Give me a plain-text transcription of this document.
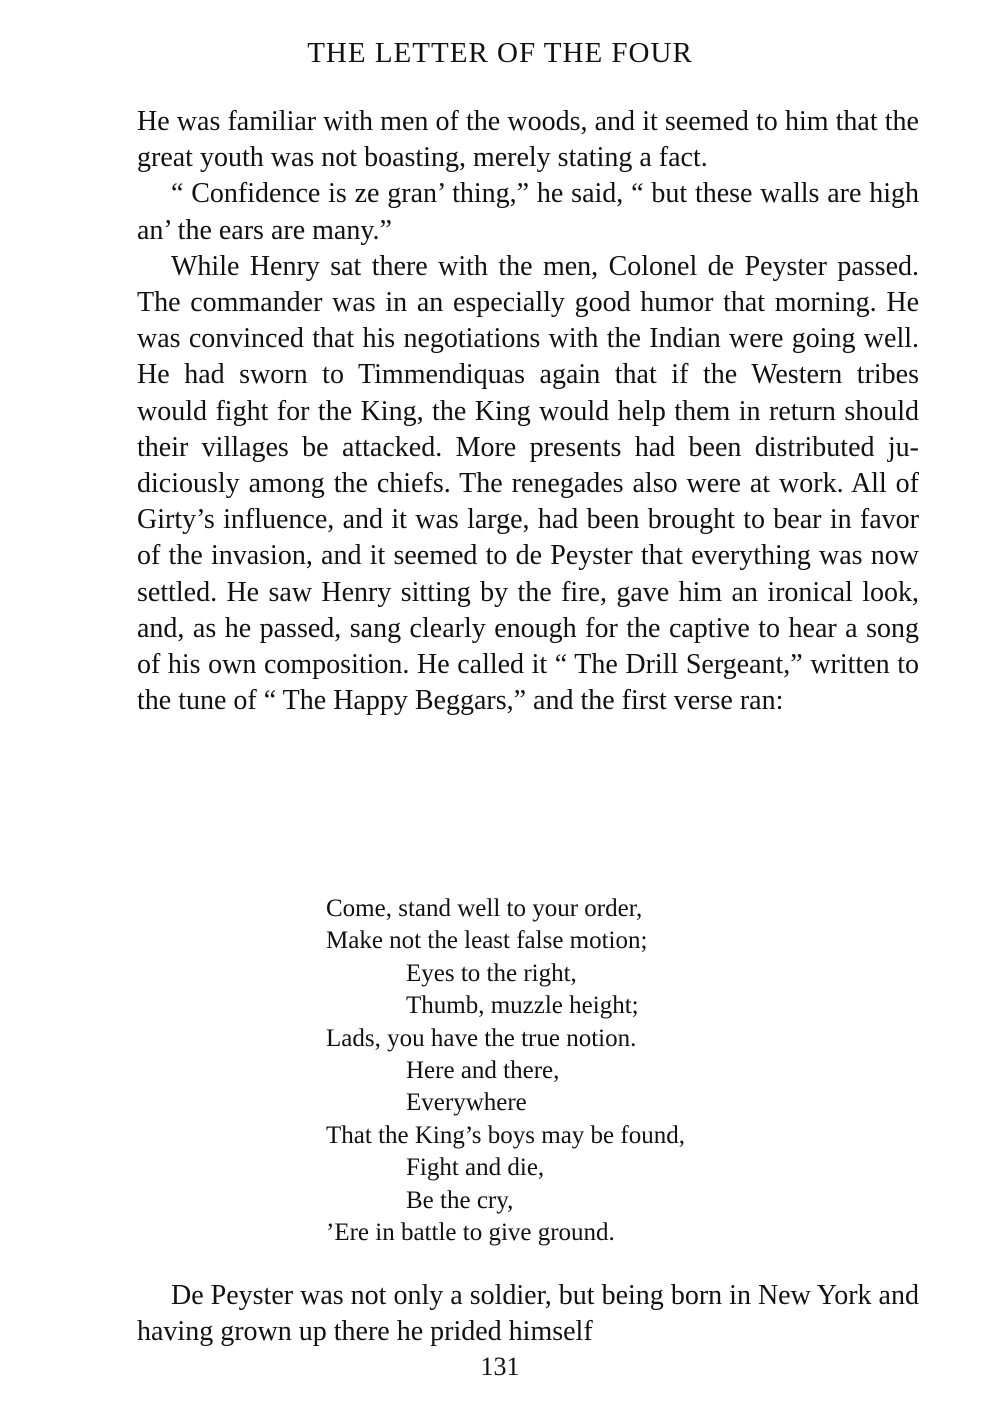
THE LETTER OF THE FOUR

He was familiar with men of the woods, and it seemed to him that the great youth was not boasting, merely stating a fact.

“ Confidence is ze gran’ thing,” he said, “ but these walls are high an’ the ears are many.”

While Henry sat there with the men, Colonel de Peyster passed. The commander was in an especially good humor that morning. He was convinced that his negotiations with the Indian were going well. He had sworn to Timmendiquas again that if the Western tribes would fight for the King, the King would help them in return should their villages be attacked. More presents had been distributed judiciously among the chiefs. The renegades also were at work. All of Girty’s influence, and it was large, had been brought to bear in favor of the invasion, and it seemed to de Peyster that everything was now settled. He saw Henry sitting by the fire, gave him an ironical look, and, as he passed, sang clearly enough for the captive to hear a song of his own composition. He called it “ The Drill Sergeant,” written to the tune of “ The Happy Beggars,” and the first verse ran:

Come, stand well to your order,
Make not the least false motion;
Eyes to the right,
Thumb, muzzle height;
Lads, you have the true notion.
Here and there,
Everywhere
That the King’s boys may be found,
Fight and die,
Be the cry,
’Ere in battle to give ground.

De Peyster was not only a soldier, but being born in New York and having grown up there he prided himself

131
